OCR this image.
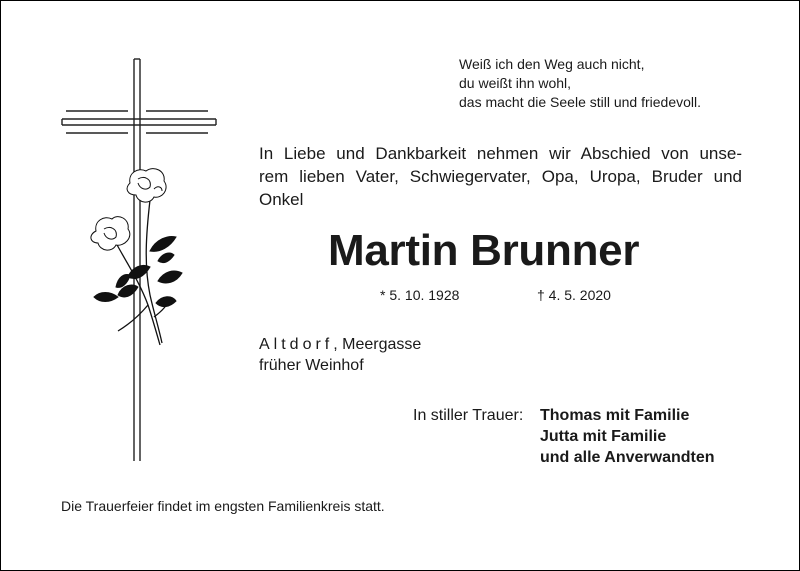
Weiß ich den Weg auch nicht,
du weißt ihn wohl,
das macht die Seele still und friedevoll.
In Liebe und Dankbarkeit nehmen wir Abschied von unse-
rem lieben Vater, Schwiegervater, Opa, Uropa, Bruder und
Onkel
Martin Brunner
* 5. 10. 1928	† 4. 5. 2020
Altdorf, Meergasse
früher Weinhof
In stiller Trauer: Thomas mit Familie
Jutta mit Familie
und alle Anverwandten
Die Trauerfeier findet im engsten Familienkreis statt.
